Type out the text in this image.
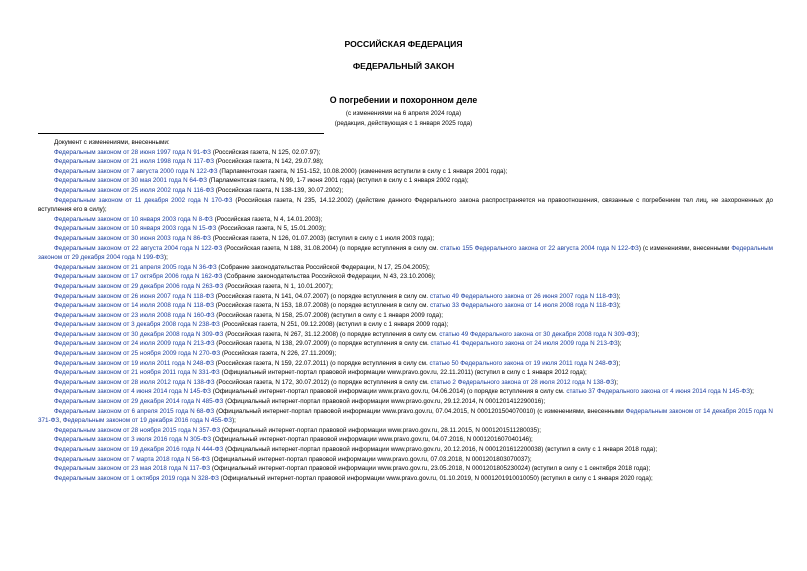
РОССИЙСКАЯ ФЕДЕРАЦИЯ
ФЕДЕРАЛЬНЫЙ ЗАКОН
О погребении и похоронном деле
(с изменениями на 6 апреля 2024 года)
(редакция, действующая с 1 января 2025 года)
Документ с изменениями, внесенными:
Федеральным законом от 28 июня 1997 года N 91-ФЗ (Российская газета, N 125, 02.07.97);
Федеральным законом от 21 июля 1998 года N 117-ФЗ (Российская газета, N 142, 29.07.98);
Федеральным законом от 7 августа 2000 года N 122-ФЗ (Парламентская газета, N 151-152, 10.08.2000) (изменения вступили в силу с 1 января 2001 года);
Федеральным законом от 30 мая 2001 года N 64-ФЗ (Парламентская газета, N 99, 1-7 июня 2001 года) (вступил в силу с 1 января 2002 года);
Федеральным законом от 25 июля 2002 года N 116-ФЗ (Российская газета, N 138-139, 30.07.2002);
Федеральным законом от 11 декабря 2002 года N 170-ФЗ (Российская газета, N 235, 14.12.2002) (действие данного Федерального закона распространяется на правоотношения, связанные с погребением тел лиц, не захороненных до вступления его в силу);
Федеральным законом от 10 января 2003 года N 8-ФЗ (Российская газета, N 4, 14.01.2003);
Федеральным законом от 10 января 2003 года N 15-ФЗ (Российская газета, N 5, 15.01.2003);
Федеральным законом от 30 июня 2003 года N 86-ФЗ (Российская газета, N 126, 01.07.2003) (вступил в силу с 1 июля 2003 года);
Федеральным законом от 22 августа 2004 года N 122-ФЗ (Российская газета, N 188, 31.08.2004) (о порядке вступления в силу см. статью 155 Федерального закона от 22 августа 2004 года N 122-ФЗ) (с изменениями, внесенными Федеральным законом от 29 декабря 2004 года N 199-ФЗ);
Федеральным законом от 21 апреля 2005 года N 36-ФЗ (Собрание законодательства Российской Федерации, N 17, 25.04.2005);
Федеральным законом от 17 октября 2006 года N 162-ФЗ (Собрание законодательства Российской Федерации, N 43, 23.10.2006);
Федеральным законом от 29 декабря 2006 года N 263-ФЗ (Российская газета, N 1, 10.01.2007);
Федеральным законом от 26 июня 2007 года N 118-ФЗ (Российская газета, N 141, 04.07.2007) (о порядке вступления в силу см. статью 49 Федерального закона от 26 июня 2007 года N 118-ФЗ);
Федеральным законом от 14 июля 2008 года N 118-ФЗ (Российская газета, N 153, 18.07.2008) (о порядке вступления в силу см. статью 33 Федерального закона от 14 июля 2008 года N 118-ФЗ);
Федеральным законом от 23 июля 2008 года N 160-ФЗ (Российская газета, N 158, 25.07.2008) (вступил в силу с 1 января 2009 года);
Федеральным законом от 3 декабря 2008 года N 238-ФЗ (Российская газета, N 251, 09.12.2008) (вступил в силу с 1 января 2009 года);
Федеральным законом от 30 декабря 2008 года N 309-ФЗ (Российская газета, N 267, 31.12.2008) (о порядке вступления в силу см. статью 49 Федерального закона от 30 декабря 2008 года N 309-ФЗ);
Федеральным законом от 24 июля 2009 года N 213-ФЗ (Российская газета, N 138, 29.07.2009) (о порядке вступления в силу см. статью 41 Федерального закона от 24 июля 2009 года N 213-ФЗ);
Федеральным законом от 25 ноября 2009 года N 270-ФЗ (Российская газета, N 226, 27.11.2009);
Федеральным законом от 19 июля 2011 года N 248-ФЗ (Российская газета, N 159, 22.07.2011) (о порядке вступления в силу см. статью 50 Федерального закона от 19 июля 2011 года N 248-ФЗ);
Федеральным законом от 21 ноября 2011 года N 331-ФЗ (Официальный интернет-портал правовой информации www.pravo.gov.ru, 22.11.2011) (вступил в силу с 1 января 2012 года);
Федеральным законом от 28 июля 2012 года N 138-ФЗ (Российская газета, N 172, 30.07.2012) (о порядке вступления в силу см. статью 2 Федерального закона от 28 июля 2012 года N 138-ФЗ);
Федеральным законом от 4 июня 2014 года N 145-ФЗ (Официальный интернет-портал правовой информации www.pravo.gov.ru, 04.06.2014) (о порядке вступления в силу см. статью 37 Федерального закона от 4 июня 2014 года N 145-ФЗ);
Федеральным законом от 29 декабря 2014 года N 485-ФЗ (Официальный интернет-портал правовой информации www.pravo.gov.ru, 29.12.2014, N 0001201412290016);
Федеральным законом от 6 апреля 2015 года N 68-ФЗ (Официальный интернет-портал правовой информации www.pravo.gov.ru, 07.04.2015, N 0001201504070010) (с изменениями, внесенными Федеральным законом от 14 декабря 2015 года N 371-ФЗ, Федеральным законом от 19 декабря 2016 года N 455-ФЗ);
Федеральным законом от 28 ноября 2015 года N 357-ФЗ (Официальный интернет-портал правовой информации www.pravo.gov.ru, 28.11.2015, N 0001201511280035);
Федеральным законом от 3 июля 2016 года N 305-ФЗ (Официальный интернет-портал правовой информации www.pravo.gov.ru, 04.07.2016, N 0001201607040146);
Федеральным законом от 19 декабря 2016 года N 444-ФЗ (Официальный интернет-портал правовой информации www.pravo.gov.ru, 20.12.2016, N 0001201612200038) (вступил в силу с 1 января 2018 года);
Федеральным законом от 7 марта 2018 года N 56-ФЗ (Официальный интернет-портал правовой информации www.pravo.gov.ru, 07.03.2018, N 0001201803070037);
Федеральным законом от 23 мая 2018 года N 117-ФЗ (Официальный интернет-портал правовой информации www.pravo.gov.ru, 23.05.2018, N 0001201805230024) (вступил в силу с 1 сентября 2018 года);
Федеральным законом от 1 октября 2019 года N 328-ФЗ (Официальный интернет-портал правовой информации www.pravo.gov.ru, 01.10.2019, N 0001201910010050) (вступил в силу с 1 января 2020 года);
